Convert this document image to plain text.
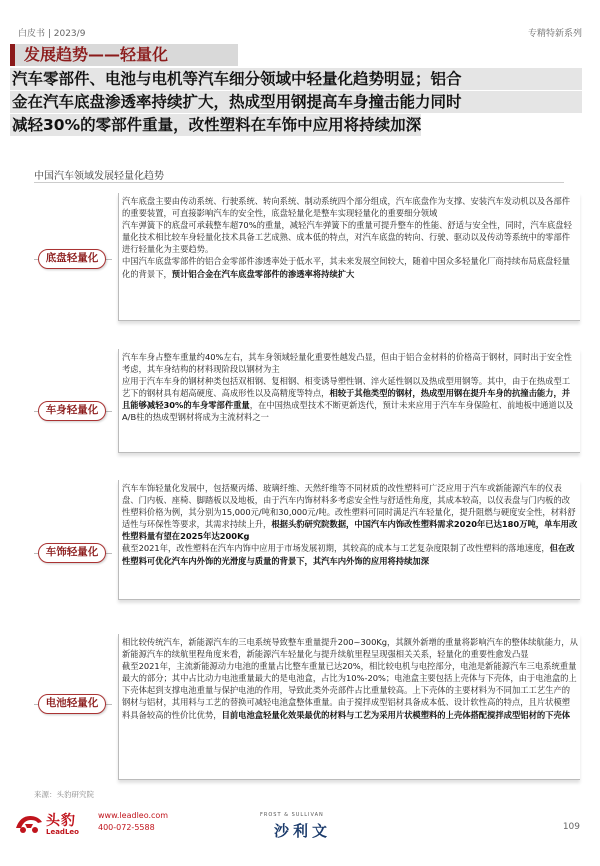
白皮书 | 2023/9	专精特新系列
发展趋势——轻量化
汽车零部件、电池与电机等汽车细分领域中轻量化趋势明显；铝合
金在汽车底盘渗透率持续扩大，热成型用钢提高车身撞击能力同时
减轻30%的零部件重量，改性塑料在车饰中应用将持续加深
中国汽车领域发展轻量化趋势
底盘轻量化
汽车底盘主要由传动系统、行驶系统、转向系统、制动系统四个部分组成，汽车底盘作为支撑、安装汽车发动机以及各部件的重要装置，可直接影响汽车的安全性，底盘轻量化是整车实现轻量化的重要细分领域
汽车弹簧下的底盘可承载整车超70%的重量，减轻汽车弹簧下的重量可提升整车的性能、舒适与安全性，同时，汽车底盘轻量化技术相比较车身轻量化技术具备工艺成熟、成本低的特点，对汽车底盘的转向、行驶、驱动以及传动等系统中的零部件进行轻量化为主要趋势。
中国汽车底盘零部件的铝合金零部件渗透率处于低水平，其未来发展空间较大，随着中国众多轻量化厂商持续布局底盘轻量化的背景下，预计铝合金在汽车底盘零部件的渗透率将持续扩大
车身轻量化
汽车车身占整车重量约40%左右，其车身领域轻量化重要性越发凸显，但由于铝合金材料的价格高于钢材，同时出于安全性考虑，其车身结构的材料现阶段以钢材为主
应用于汽车车身的钢材种类包括双相钢、复相钢、相变诱导塑性钢、淬火延性钢以及热成型用钢等。其中，由于在热成型工艺下的钢材具有超高硬度、高成形性以及高精度等特点，相较于其他类型的钢材，热成型用钢在提升车身的抗撞击能力，并且能够减轻30%的车身零部件重量，在中国热成型技术不断更新迭代，预计未来应用于汽车车身保险杠、前地板中通道以及A/B柱的热成型钢材将成为主流材料之一
车饰轻量化
汽车车饰轻量化发展中，包括聚丙烯、玻璃纤维、天然纤维等不同材质的改性塑料可广泛应用于汽车或新能源汽车的仪表盘、门内板、座椅、脚踏板以及地板，由于汽车内饰材料多考虑安全性与舒适性角度，其成本较高，以仪表盘与门内板的改性塑料价格为例，其分别为15,000元/吨和30,000元/吨。改性塑料可同时满足汽车轻量化，提升阻燃与硬度安全性，材料舒适性与环保性等要求，其需求持续上升，根据头豹研究院数据，中国汽车内饰改性塑料需求2020年已达180万吨，单车用改性塑料量有望在2025年达200Kg
截至2021年，改性塑料在汽车内饰中应用于市场发展初期，其较高的成本与工艺复杂度限制了改性塑料的落地速度，但在改性塑料可优化汽车内外饰的光滑度与质量的背景下，其汽车内外饰的应用将持续加深
电池轻量化
相比较传统汽车，新能源汽车的三电系统导致整车重量提升200~300Kg，其额外新增的重量将影响汽车的整体续航能力，从新能源汽车的续航里程角度来看，新能源汽车轻量化与提升续航里程呈现强相关关系，轻量化的重要性愈发凸显
截至2021年，主流新能源动力电池的重量占比整车重量已达20%，相比较电机与电控部分，电池是新能源汽车三电系统重量最大的部分；其中占比动力电池重量最大的是电池盒，占比为10%-20%；电池盒主要包括上壳体与下壳体，由于电池盒的上下壳体起到支撑电池重量与保护电池的作用，导致此类外壳部件占比重量较高。上下壳体的主要材料为不同加工工艺生产的钢材与铝材，其用料与工艺的替换可减轻电池盒整体重量。由于搅拌成型铝材具备成本低、设计软性高的特点，且片状模塑料具备较高的性价比优势，目前电池盒轻量化效果最优的材料与工艺为采用片状模塑料的上壳体搭配搅拌成型铝材的下壳体
来源：头豹研究院
头豹
LeadLeo
www.leadleo.com
400-072-5588
FROST & SULLIVAN
沙利文	109
